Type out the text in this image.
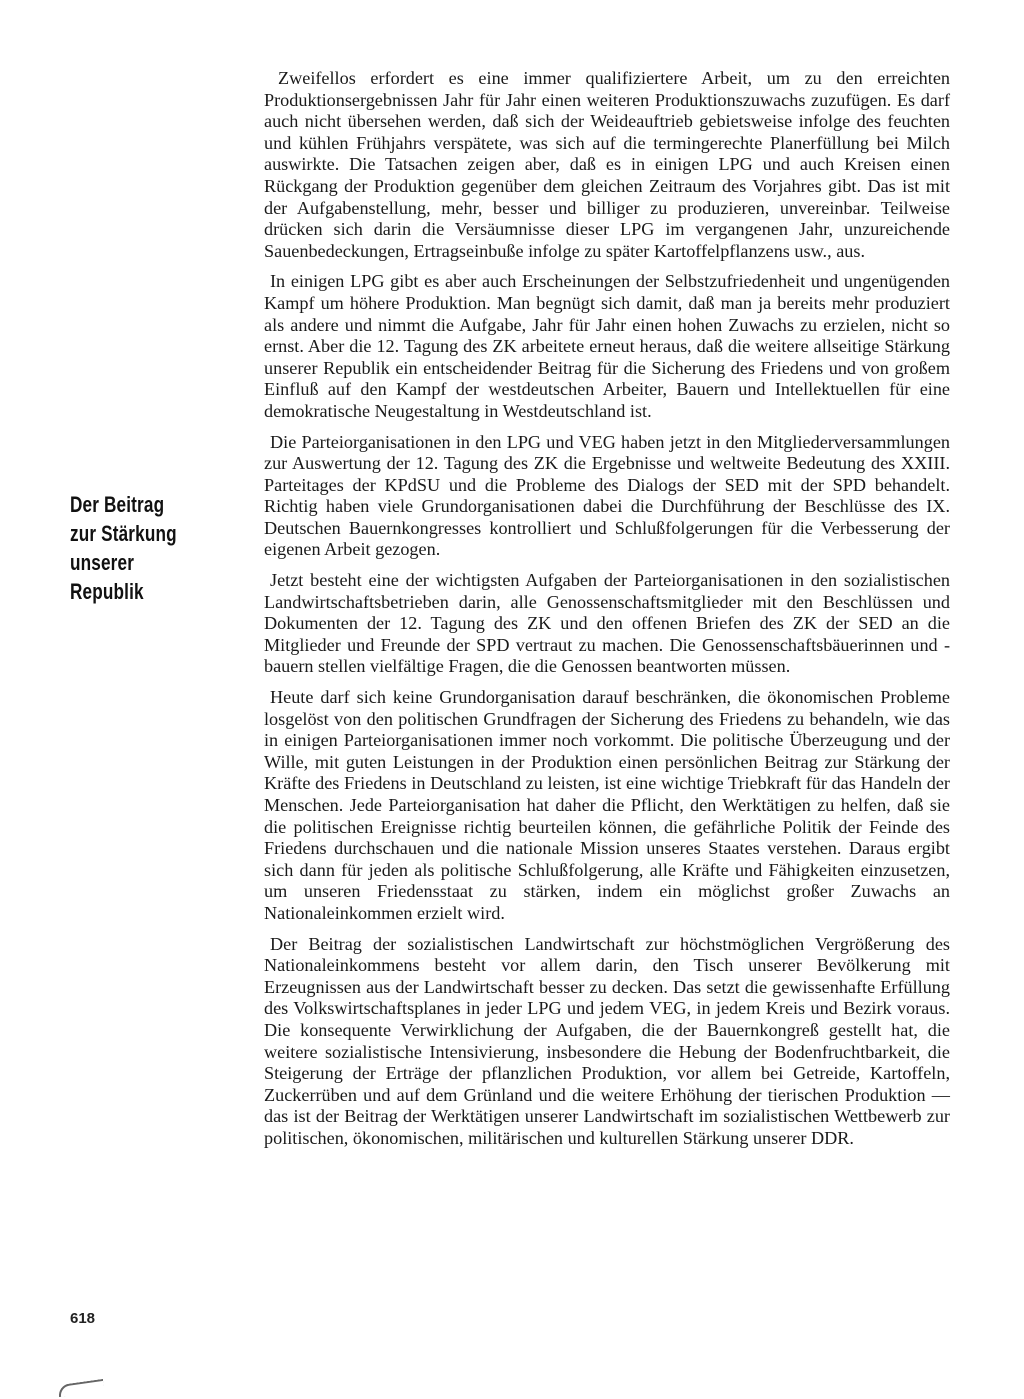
Der Beitrag
zur Stärkung
unserer
Republik

Zweifellos erfordert es eine immer qualifiziertere Arbeit, um zu den erreichten Produktionsergebnissen Jahr für Jahr einen weiteren Produktionszuwachs zuzufügen. Es darf auch nicht übersehen werden, daß sich der Weideauftrieb gebietsweise infolge des feuchten und kühlen Frühjahrs verspätete, was sich auf die termingerechte Planerfüllung bei Milch auswirkte. Die Tatsachen zeigen aber, daß es in einigen LPG und auch Kreisen einen Rückgang der Produktion gegenüber dem gleichen Zeitraum des Vorjahres gibt. Das ist mit der Aufgabenstellung, mehr, besser und billiger zu produzieren, unvereinbar. Teilweise drücken sich darin die Versäumnisse dieser LPG im vergangenen Jahr, unzureichende Sauenbedeckungen, Ertragseinbuße infolge zu später Kartoffelpflanzens usw., aus.

In einigen LPG gibt es aber auch Erscheinungen der Selbstzufriedenheit und ungenügenden Kampf um höhere Produktion. Man begnügt sich damit, daß man ja bereits mehr produziert als andere und nimmt die Aufgabe, Jahr für Jahr einen hohen Zuwachs zu erzielen, nicht so ernst. Aber die 12. Tagung des ZK arbeitete erneut heraus, daß die weitere allseitige Stärkung unserer Republik ein entscheidender Beitrag für die Sicherung des Friedens und von großem Einfluß auf den Kampf der westdeutschen Arbeiter, Bauern und Intellektuellen für eine demokratische Neugestaltung in Westdeutschland ist.

Die Parteiorganisationen in den LPG und VEG haben jetzt in den Mitgliederversammlungen zur Auswertung der 12. Tagung des ZK die Ergebnisse und weltweite Bedeutung des XXIII. Parteitages der KPdSU und die Probleme des Dialogs der SED mit der SPD behandelt. Richtig haben viele Grundorganisationen dabei die Durchführung der Beschlüsse des IX. Deutschen Bauernkongresses kontrolliert und Schlußfolgerungen für die Verbesserung der eigenen Arbeit gezogen.

Jetzt besteht eine der wichtigsten Aufgaben der Parteiorganisationen in den sozialistischen Landwirtschaftsbetrieben darin, alle Genossenschaftsmitglieder mit den Beschlüssen und Dokumenten der 12. Tagung des ZK und den offenen Briefen des ZK der SED an die Mitglieder und Freunde der SPD vertraut zu machen. Die Genossenschaftsbäuerinnen und -bauern stellen vielfältige Fragen, die die Genossen beantworten müssen.

Heute darf sich keine Grundorganisation darauf beschränken, die ökonomischen Probleme losgelöst von den politischen Grundfragen der Sicherung des Friedens zu behandeln, wie das in einigen Parteiorganisationen immer noch vorkommt. Die politische Überzeugung und der Wille, mit guten Leistungen in der Produktion einen persönlichen Beitrag zur Stärkung der Kräfte des Friedens in Deutschland zu leisten, ist eine wichtige Triebkraft für das Handeln der Menschen. Jede Parteiorganisation hat daher die Pflicht, den Werktätigen zu helfen, daß sie die politischen Ereignisse richtig beurteilen können, die gefährliche Politik der Feinde des Friedens durchschauen und die nationale Mission unseres Staates verstehen. Daraus ergibt sich dann für jeden als politische Schlußfolgerung, alle Kräfte und Fähigkeiten einzusetzen, um unseren Friedensstaat zu stärken, indem ein möglichst großer Zuwachs an Nationaleinkommen erzielt wird.

Der Beitrag der sozialistischen Landwirtschaft zur höchstmöglichen Vergrößerung des Nationaleinkommens besteht vor allem darin, den Tisch unserer Bevölkerung mit Erzeugnissen aus der Landwirtschaft besser zu decken. Das setzt die gewissenhafte Erfüllung des Volkswirtschaftsplanes in jeder LPG und jedem VEG, in jedem Kreis und Bezirk voraus. Die konsequente Verwirklichung der Aufgaben, die der Bauernkongreß gestellt hat, die weitere sozialistische Intensivierung, insbesondere die Hebung der Bodenfruchtbarkeit, die Steigerung der Erträge der pflanzlichen Produktion, vor allem bei Getreide, Kartoffeln, Zuckerrüben und auf dem Grünland und die weitere Erhöhung der tierischen Produktion — das ist der Beitrag der Werktätigen unserer Landwirtschaft im sozialistischen Wettbewerb zur politischen, ökonomischen, militärischen und kulturellen Stärkung unserer DDR.

618
